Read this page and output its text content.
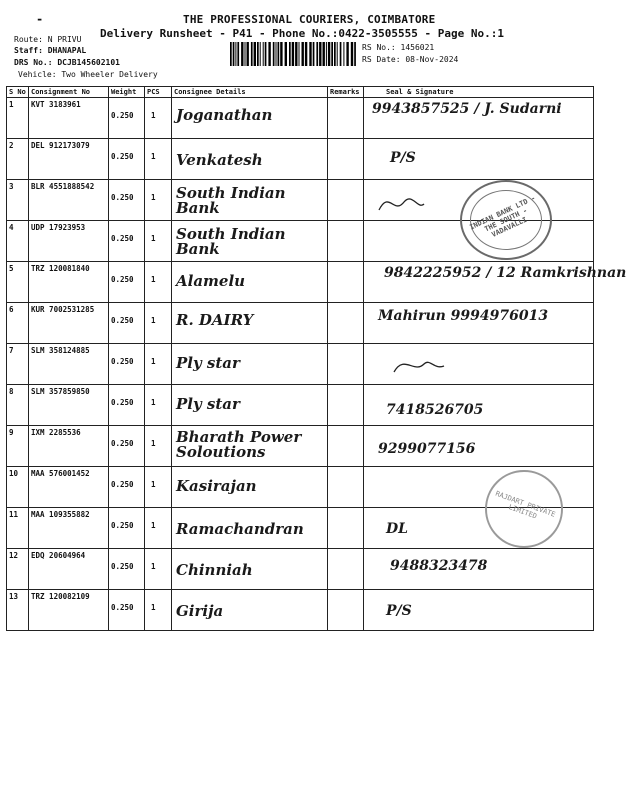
-	THE PROFESSIONAL COURIERS, COIMBATORE
Delivery Runsheet - P41 - Phone No.:0422-3505555 - Page No.:1
Route: N PRIVU
Staff: DHANAPAL
DRS No.: DCJB145602101
Vehicle: Two Wheeler Delivery
RS No.: 1456021
RS Date: 08-Nov-2024
S No	Consignment No	Weight	PCS	Consignee Details	Remarks	Seal & Signature

1	KVT 3183961	0.250	1	Joganathan		9943857525 / J. Sudarni

2	DEL 912173079	0.250	1	Venkatesh		P/S

3	BLR 4551888542	0.250	1	South Indian Bank

4	UDP 17923953	0.250	1	South Indian Bank		

5	TRZ 120081840	0.250	1	Alamelu		9842225952 / 12 Ramkrishnan

6	KUR 7002531285	0.250	1	R. DAIRY		Mahirun 9994976013

7	SLM 358124885	0.250	1	Ply star

8	SLM 357859850	0.250	1	Ply star		7418526705

9	IXM 2285536	0.250	1	Bharath Power Soloutions		9299077156

10	MAA 576001452	0.250	1	Kasirajan		

11	MAA 109355882	0.250	1	Ramachandran		DL

12	EDQ 20604964	0.250	1	Chinniah		9488323478

13	TRZ 120082109	0.250	1	Girija		P/S
INDIAN BANK LTD - THE SOUTH - VADAVALLI
RAJDART PRIVATE LIMITED
